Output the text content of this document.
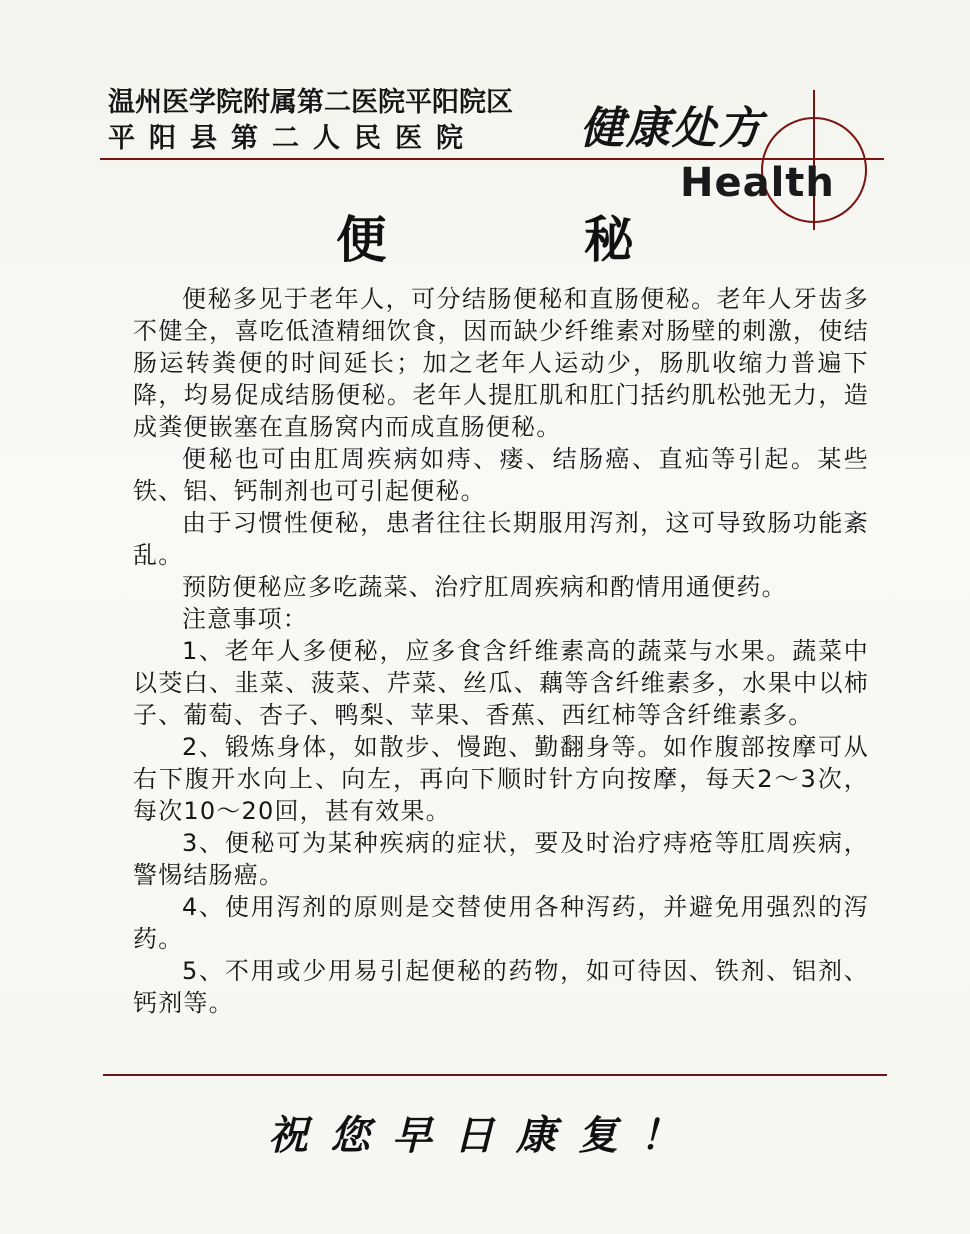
温州医学院附属第二医院平阳院区
平阳县第二人民医院 健康处方
Health
便 秘

便秘多见于老年人，可分结肠便秘和直肠便秘。老年人牙齿多不健全，喜吃低渣精细饮食，因而缺少纤维素对肠壁的刺激，使结肠运转粪便的时间延长；加之老年人运动少，肠肌收缩力普遍下降，均易促成结肠便秘。老年人提肛肌和肛门括约肌松弛无力，造成粪便嵌塞在直肠窝内而成直肠便秘。

便秘也可由肛周疾病如痔、瘘、结肠癌、直疝等引起。某些铁、铝、钙制剂也可引起便秘。

由于习惯性便秘，患者往往长期服用泻剂，这可导致肠功能紊乱。

预防便秘应多吃蔬菜、治疗肛周疾病和酌情用通便药。

注意事项：

1、老年人多便秘，应多食含纤维素高的蔬菜与水果。蔬菜中以茭白、韭菜、菠菜、芹菜、丝瓜、藕等含纤维素多，水果中以柿子、葡萄、杏子、鸭梨、苹果、香蕉、西红柿等含纤维素多。

2、锻炼身体，如散步、慢跑、勤翻身等。如作腹部按摩可从右下腹开水向上、向左，再向下顺时针方向按摩，每天2～3次，每次10～20回，甚有效果。

3、便秘可为某种疾病的症状，要及时治疗痔疮等肛周疾病，警惕结肠癌。

4、使用泻剂的原则是交替使用各种泻药，并避免用强烈的泻药。

5、不用或少用易引起便秘的药物，如可待因、铁剂、铝剂、钙剂等。

祝您早日康复！
